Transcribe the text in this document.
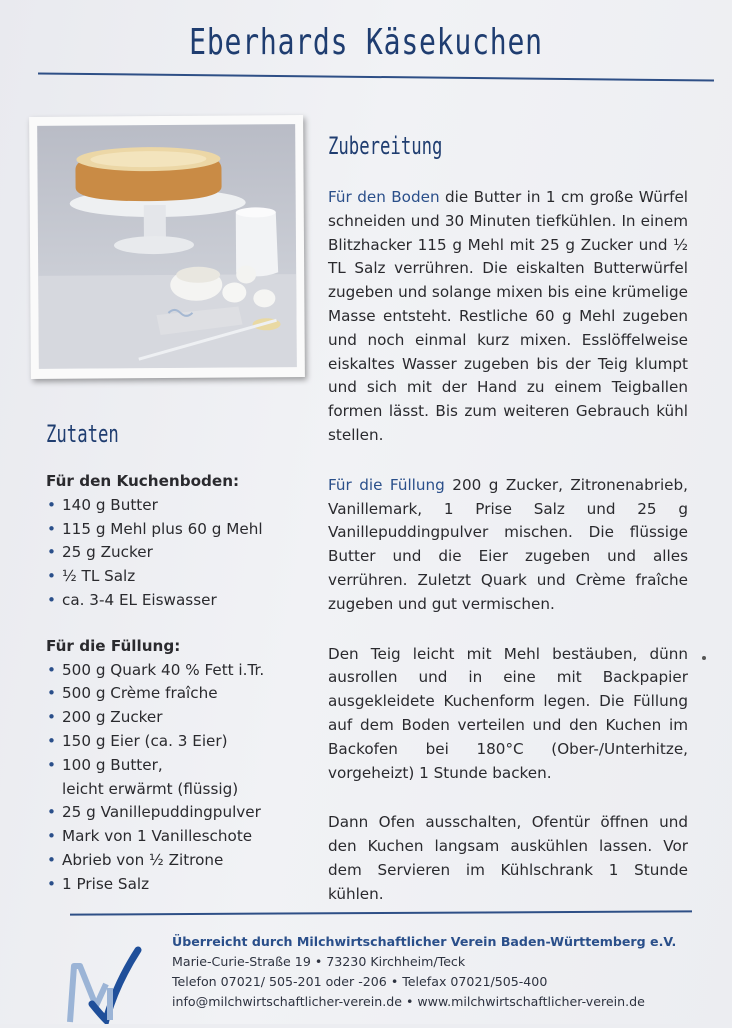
Eberhards Käsekuchen
Zubereitung

Für den Boden die Butter in 1 cm große Würfel schneiden und 30 Minuten tiefkühlen. In einem Blitzhacker 115 g Mehl mit 25 g Zucker und ½ TL Salz verrühren. Die eiskalten Butterwürfel zugeben und solange mixen bis eine krümelige Masse entsteht. Restliche 60 g Mehl zugeben und noch einmal kurz mixen. Esslöffelweise eiskaltes Wasser zugeben bis der Teig klumpt und sich mit der Hand zu einem Teigballen formen lässt. Bis zum weiteren Gebrauch kühl stellen.

Für die Füllung 200 g Zucker, Zitronenabrieb, Vanillemark, 1 Prise Salz und 25 g Vanillepuddingpulver mischen. Die flüssige Butter und die Eier zugeben und alles verrühren. Zuletzt Quark und Crème fraîche zugeben und gut vermischen.

Den Teig leicht mit Mehl bestäuben, dünn ausrollen und in eine mit Backpapier ausgekleidete Kuchenform legen. Die Füllung auf dem Boden verteilen und den Kuchen im Backofen bei 180°C (Ober-/Unterhitze, vorgeheizt) 1 Stunde backen.

Dann Ofen ausschalten, Ofentür öffnen und den Kuchen langsam auskühlen lassen. Vor dem Servieren im Kühlschrank 1 Stunde kühlen.

Zutaten

Für den Kuchenboden:

• 140 g Butter
• 115 g Mehl plus 60 g Mehl
• 25 g Zucker
• ½ TL Salz
• ca. 3-4 EL Eiswasser

Für die Füllung:

• 500 g Quark 40 % Fett i.Tr.
• 500 g Crème fraîche
• 200 g Zucker
• 150 g Eier (ca. 3 Eier)
• 100 g Butter,
leicht erwärmt (flüssig)
• 25 g Vanillepuddingpulver
• Mark von 1 Vanilleschote
• Abrieb von ½ Zitrone
• 1 Prise Salz
Überreicht durch Milchwirtschaftlicher Verein Baden-Württemberg e.V.
Marie-Curie-Straße 19 • 73230 Kirchheim/Teck
Telefon 07021/ 505-201 oder -206 • Telefax 07021/505-400
info@milchwirtschaftlicher-verein.de • www.milchwirtschaftlicher-verein.de
